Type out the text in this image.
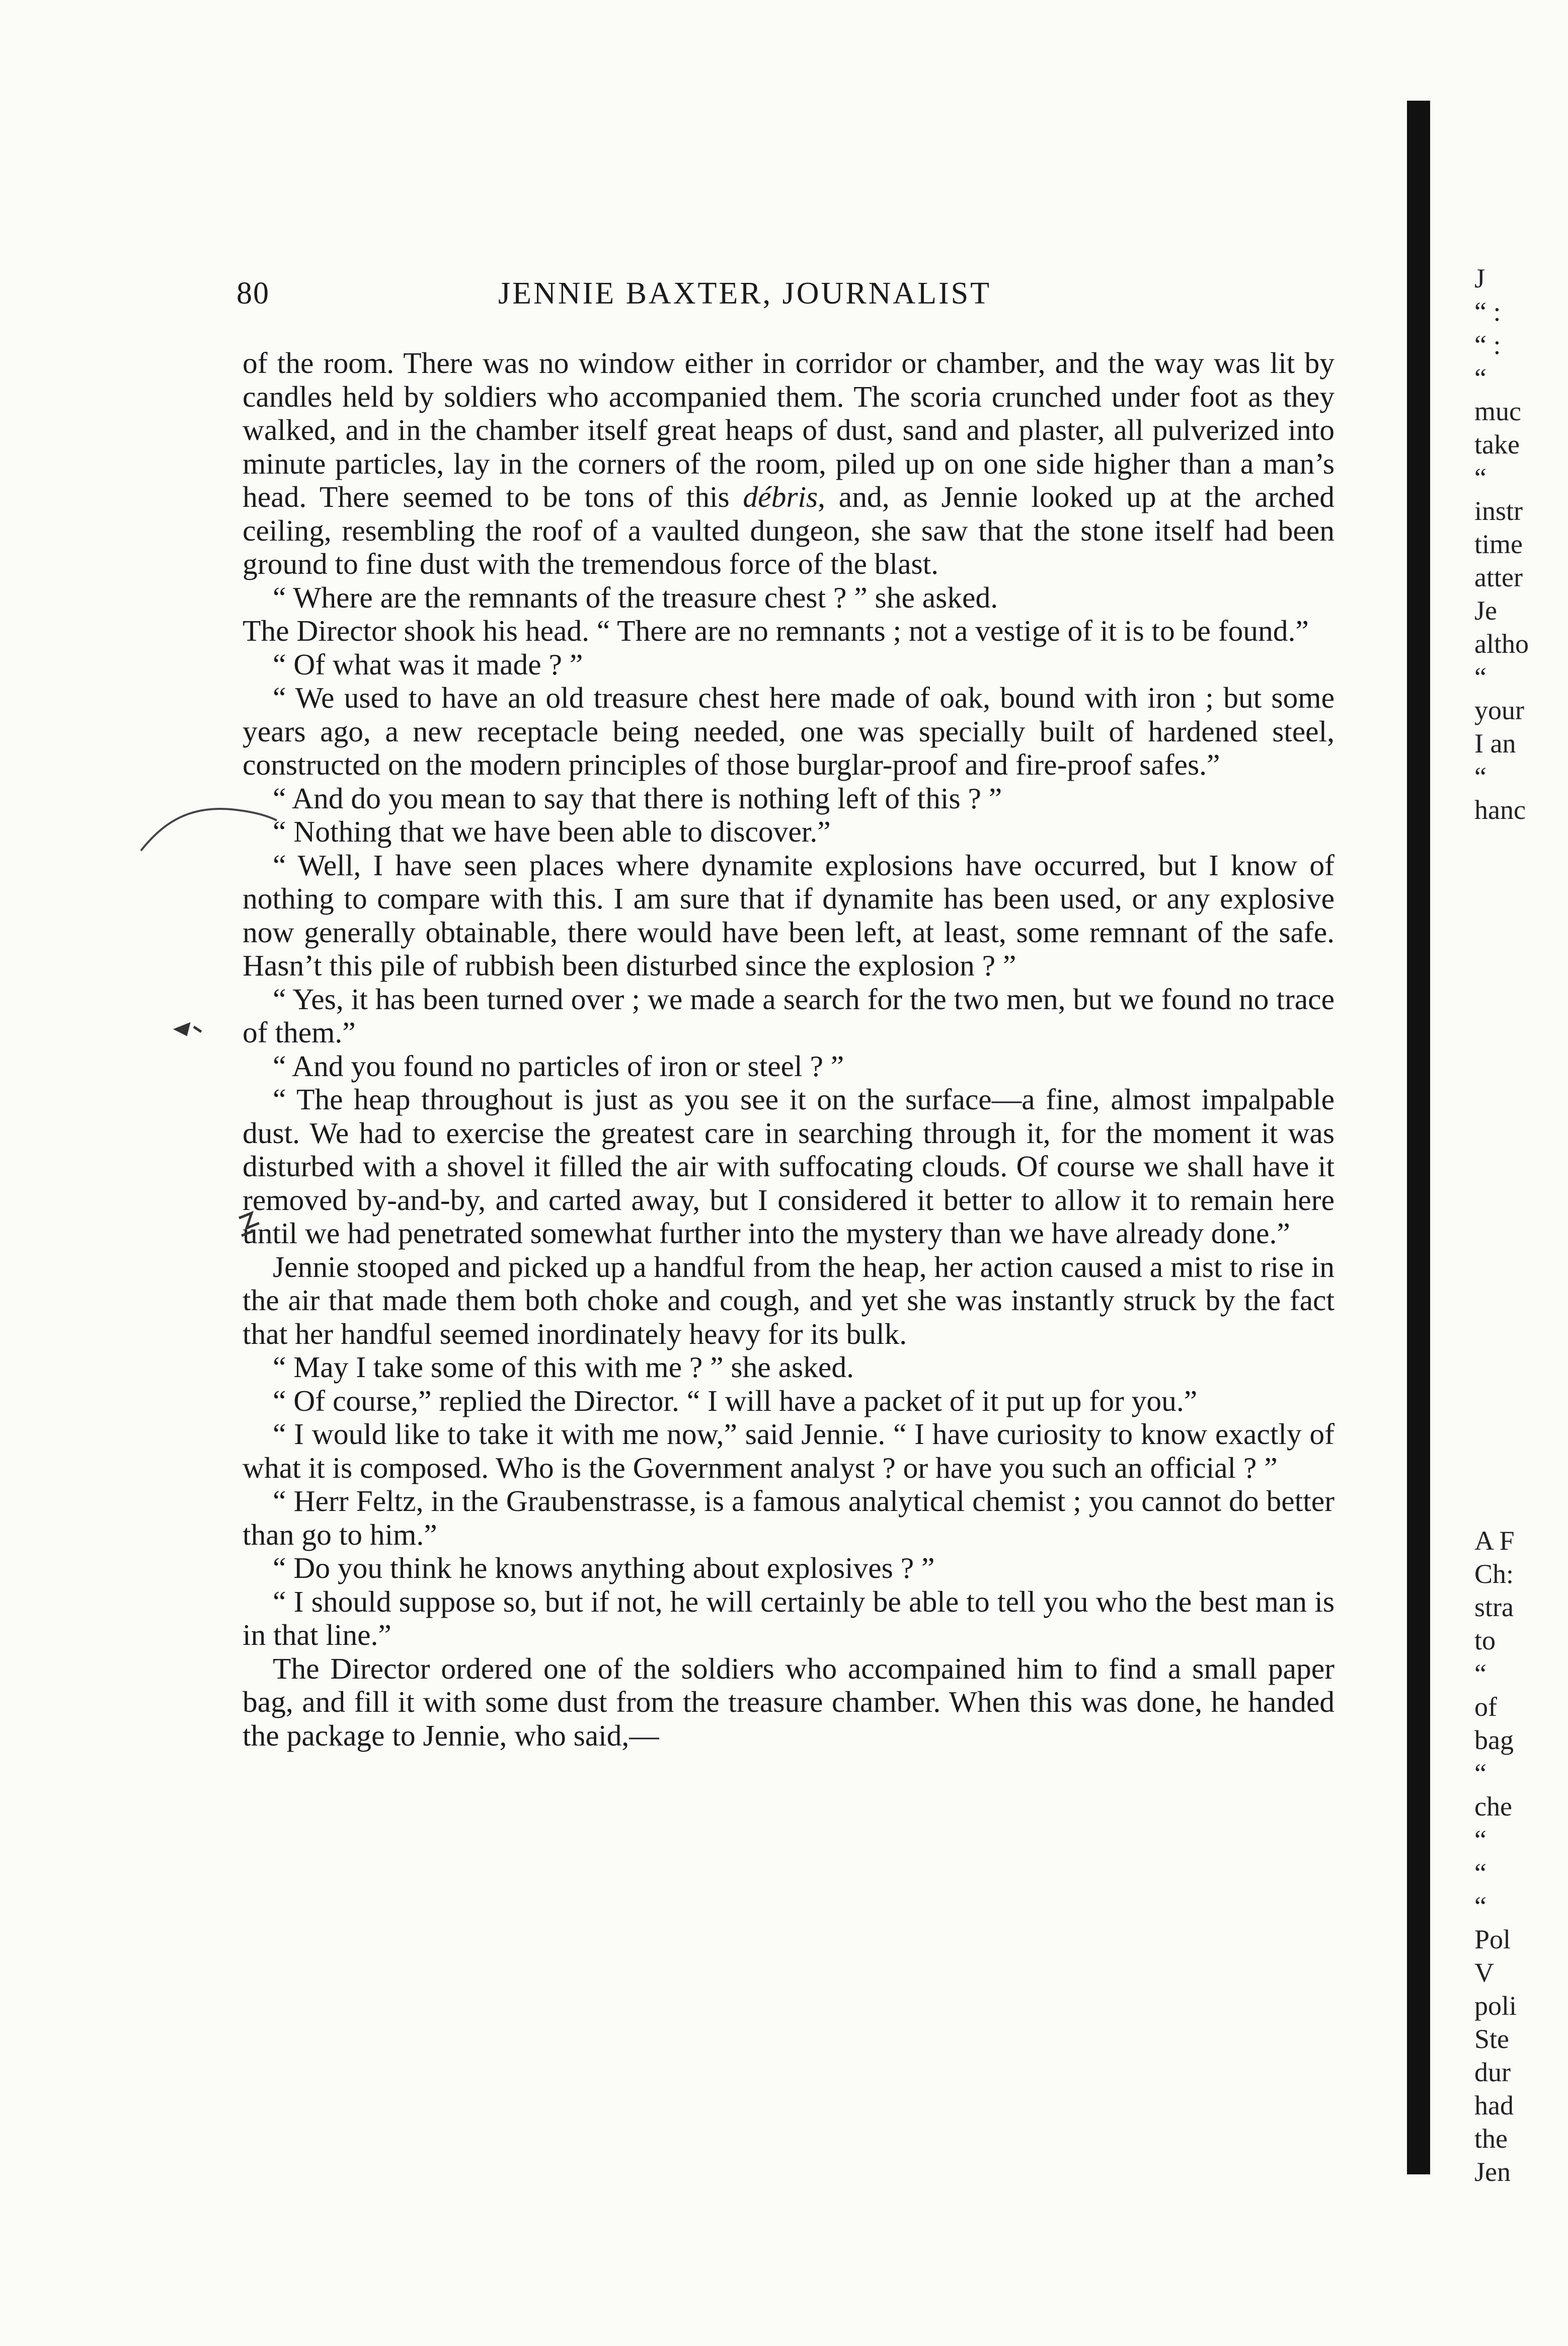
80	JENNIE BAXTER, JOURNALIST

of the room. There was no window either in corridor or chamber, and the way was lit by candles held by soldiers who accompanied them. The scoria crunched under foot as they walked, and in the chamber itself great heaps of dust, sand and plaster, all pulverized into minute particles, lay in the corners of the room, piled up on one side higher than a man’s head. There seemed to be tons of this débris, and, as Jennie looked up at the arched ceiling, resembling the roof of a vaulted dungeon, she saw that the stone itself had been ground to fine dust with the tremendous force of the blast.

“ Where are the remnants of the treasure chest ? ” she asked.

The Director shook his head. “ There are no remnants ; not a vestige of it is to be found.”

“ Of what was it made ? ”

“ We used to have an old treasure chest here made of oak, bound with iron ; but some years ago, a new receptacle being needed, one was specially built of hardened steel, constructed on the modern principles of those burglar-proof and fire-proof safes.”

“ And do you mean to say that there is nothing left of this ? ”

“ Nothing that we have been able to discover.”

“ Well, I have seen places where dynamite explosions have occurred, but I know of nothing to compare with this. I am sure that if dynamite has been used, or any explosive now generally obtainable, there would have been left, at least, some remnant of the safe. Hasn’t this pile of rubbish been disturbed since the explosion ? ”

“ Yes, it has been turned over ; we made a search for the two men, but we found no trace of them.”

“ And you found no particles of iron or steel ? ”

“ The heap throughout is just as you see it on the surface—a fine, almost impalpable dust. We had to exercise the greatest care in searching through it, for the moment it was disturbed with a shovel it filled the air with suffocating clouds. Of course we shall have it removed by-and-by, and carted away, but I considered it better to allow it to remain here until we had penetrated somewhat further into the mystery than we have already done.”

Jennie stooped and picked up a handful from the heap, her action caused a mist to rise in the air that made them both choke and cough, and yet she was instantly struck by the fact that her handful seemed inordinately heavy for its bulk.

“ May I take some of this with me ? ” she asked.

“ Of course,” replied the Director. “ I will have a packet of it put up for you.”

“ I would like to take it with me now,” said Jennie. “ I have curiosity to know exactly of what it is composed. Who is the Government analyst ? or have you such an official ? ”

“ Herr Feltz, in the Graubenstrasse, is a famous analytical chemist ; you cannot do better than go to him.”

“ Do you think he knows anything about explosives ? ”

“ I should suppose so, but if not, he will certainly be able to tell you who the best man is in that line.”

The Director ordered one of the soldiers who accompained him to find a small paper bag, and fill it with some dust from the treasure chamber. When this was done, he handed the package to Jennie, who said,—

J
“ :
“ :
“
muc
take
“
instr
time
atter
Je
altho
“
your
I an
“
hanc
A F
Ch:
stra
to
“
of
bag
“
che
“
“
“
Pol
V
poli
Ste
dur
had
the
Jen
